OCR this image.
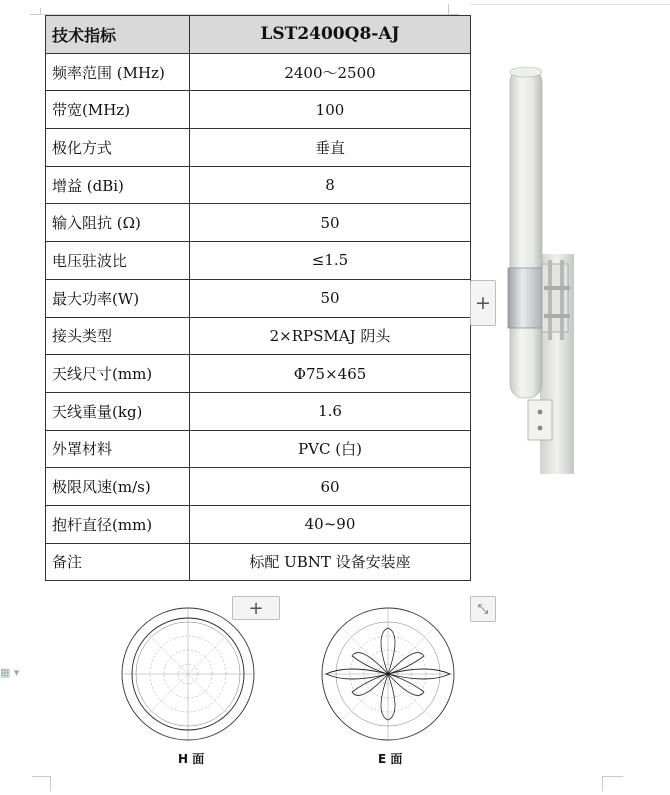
技术指标	LST2400Q8-AJ
频率范围 (MHz)	2400～2500
带宽(MHz)	100
极化方式	垂直
增益 (dBi)	8
输入阻抗 (Ω)	50
电压驻波比	≤1.5
最大功率(W)	50
接头类型	2×RPSMAJ 阴头
天线尺寸(mm)	Φ75×465
天线重量(kg)	1.6
外罩材料	PVC (白)
极限风速(m/s)	60
抱杆直径(mm)	40~90
备注	标配 UBNT 设备安装座
H 面	E 面
+
+	⤡
▦ ▾
